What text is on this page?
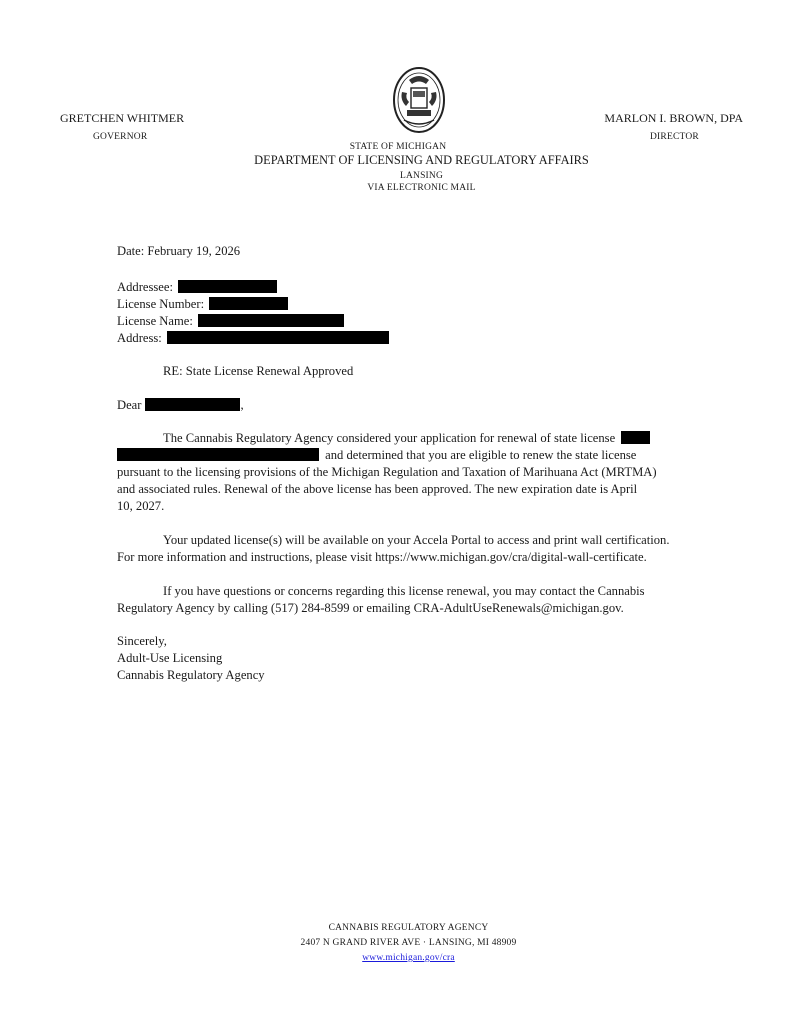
GRETCHEN WHITMER
GOVERNOR
MARLON I. BROWN, DPA
DIRECTOR
STATE OF MICHIGAN
DEPARTMENT OF LICENSING AND REGULATORY AFFAIRS
LANSING
VIA ELECTRONIC MAIL
Date: February 19, 2026
Addressee:
License Number:
License Name:
Address:
RE: State License Renewal Approved
Dear	,
The Cannabis Regulatory Agency considered your application for renewal of state license
and determined that you are eligible to renew the state license
pursuant to the licensing provisions of the Michigan Regulation and Taxation of Marihuana Act (MRTMA)
and associated rules. Renewal of the above license has been approved. The new expiration date is April
10, 2027.
Your updated license(s) will be available on your Accela Portal to access and print wall certification.
For more information and instructions, please visit https://www.michigan.gov/cra/digital-wall-certificate.
If you have questions or concerns regarding this license renewal, you may contact the Cannabis
Regulatory Agency by calling (517) 284-8599 or emailing CRA-AdultUseRenewals@michigan.gov.
Sincerely,
Adult-Use Licensing
Cannabis Regulatory Agency
CANNABIS REGULATORY AGENCY
2407 N GRAND RIVER AVE · LANSING, MI 48909
www.michigan.gov/cra
